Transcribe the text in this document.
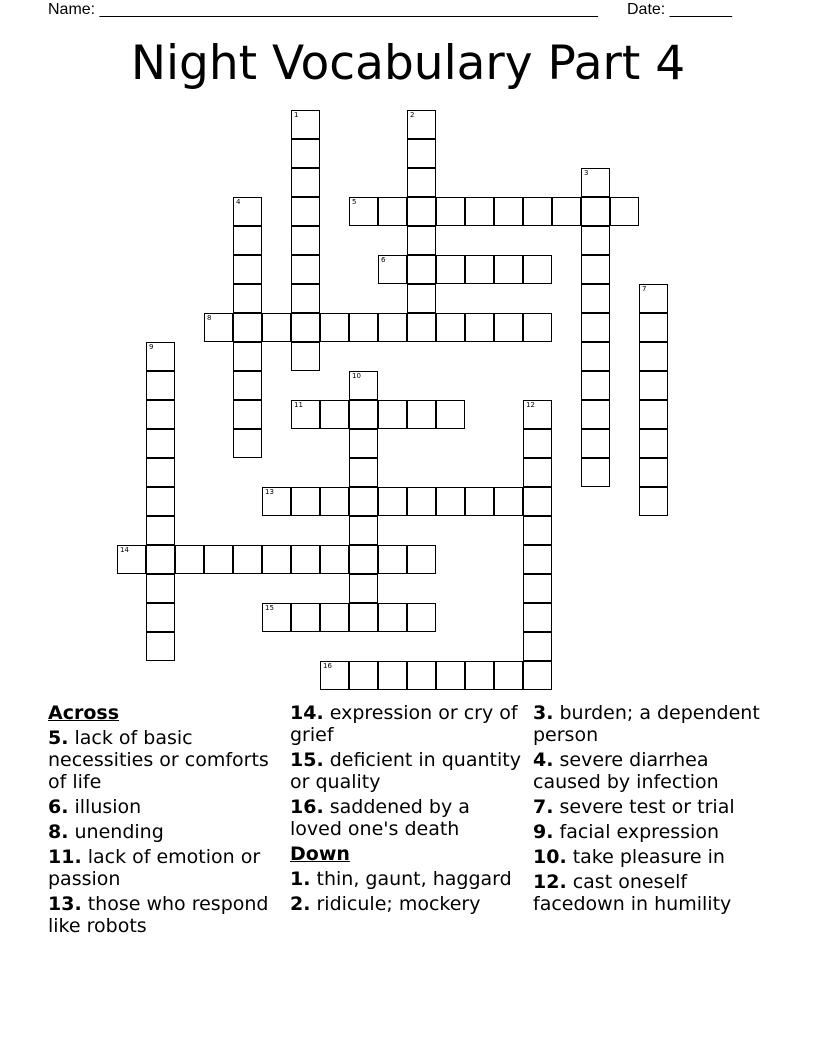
Name: ________________________________________________________ Date: _______
Night Vocabulary Part 4
1	2
3
4	5
6
7
8
9
10
11	12
13
14
15
16
Across
5. lack of basic necessities or comforts of life
6. illusion
8. unending
11. lack of emotion or passion
13. those who respond like robots
14. expression or cry of grief
15. deficient in quantity or quality
16. saddened by a loved one's death
Down
1. thin, gaunt, haggard
2. ridicule; mockery
3. burden; a dependent person
4. severe diarrhea caused by infection
7. severe test or trial
9. facial expression
10. take pleasure in
12. cast oneself facedown in humility
